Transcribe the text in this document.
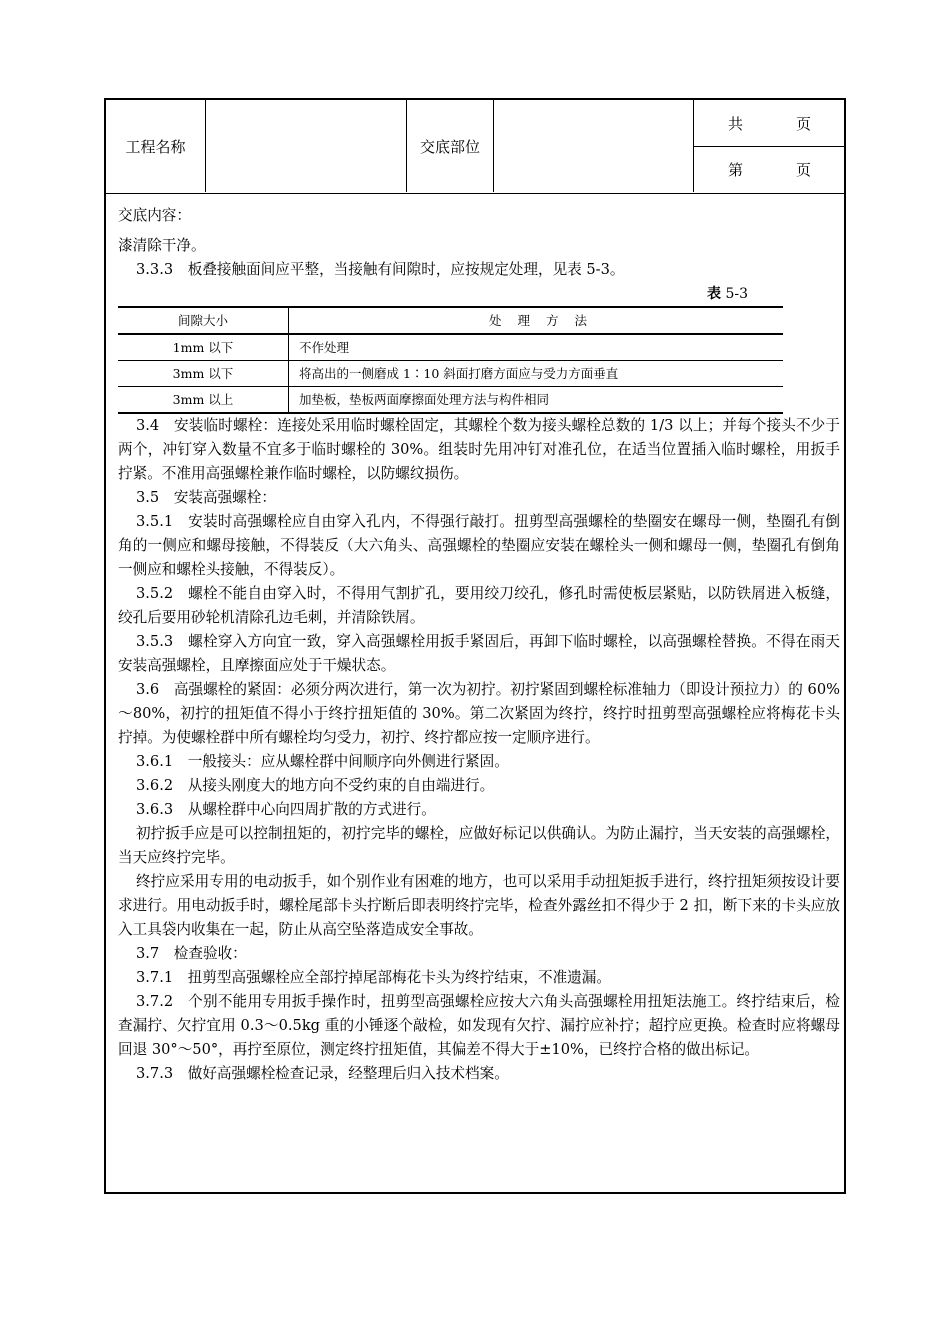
工程名称	交底部位
共	页
第	页

交底内容：

漆清除干净。

3.3.3　板叠接触面间应平整，当接触有间隙时，应按规定处理，见表 5-3。

表 5-3
间隙大小	处 理 方 法
1mm 以下	不作处理
3mm 以下	将高出的一侧磨成 1∶10 斜面打磨方面应与受力方面垂直
3mm 以上	加垫板，垫板两面摩擦面处理方法与构件相同

3.4　安装临时螺栓：连接处采用临时螺栓固定，其螺栓个数为接头螺栓总数的 1/3 以上；并每个接头不少于两个，冲钉穿入数量不宜多于临时螺栓的 30%。组装时先用冲钉对准孔位，在适当位置插入临时螺栓，用扳手拧紧。不准用高强螺栓兼作临时螺栓，以防螺纹损伤。

3.5　安装高强螺栓：

3.5.1　安装时高强螺栓应自由穿入孔内，不得强行敲打。扭剪型高强螺栓的垫圈安在螺母一侧，垫圈孔有倒角的一侧应和螺母接触，不得装反（大六角头、高强螺栓的垫圈应安装在螺栓头一侧和螺母一侧，垫圈孔有倒角一侧应和螺栓头接触，不得装反）。

3.5.2　螺栓不能自由穿入时，不得用气割扩孔，要用绞刀绞孔，修孔时需使板层紧贴，以防铁屑进入板缝，绞孔后要用砂轮机清除孔边毛刺，并清除铁屑。

3.5.3　螺栓穿入方向宜一致，穿入高强螺栓用扳手紧固后，再卸下临时螺栓，以高强螺栓替换。不得在雨天安装高强螺栓，且摩擦面应处于干燥状态。

3.6　高强螺栓的紧固：必须分两次进行，第一次为初拧。初拧紧固到螺栓标准轴力（即设计预拉力）的 60%～80%，初拧的扭矩值不得小于终拧扭矩值的 30%。第二次紧固为终拧，终拧时扭剪型高强螺栓应将梅花卡头拧掉。为使螺栓群中所有螺栓均匀受力，初拧、终拧都应按一定顺序进行。

3.6.1　一般接头：应从螺栓群中间顺序向外侧进行紧固。

3.6.2　从接头刚度大的地方向不受约束的自由端进行。

3.6.3　从螺栓群中心向四周扩散的方式进行。

初拧扳手应是可以控制扭矩的，初拧完毕的螺栓，应做好标记以供确认。为防止漏拧，当天安装的高强螺栓，当天应终拧完毕。

终拧应采用专用的电动扳手，如个别作业有困难的地方，也可以采用手动扭矩扳手进行，终拧扭矩须按设计要求进行。用电动扳手时，螺栓尾部卡头拧断后即表明终拧完毕，检查外露丝扣不得少于 2 扣，断下来的卡头应放入工具袋内收集在一起，防止从高空坠落造成安全事故。

3.7　检查验收：

3.7.1　扭剪型高强螺栓应全部拧掉尾部梅花卡头为终拧结束，不准遗漏。

3.7.2　个别不能用专用扳手操作时，扭剪型高强螺栓应按大六角头高强螺栓用扭矩法施工。终拧结束后，检查漏拧、欠拧宜用 0.3～0.5kg 重的小锤逐个敲检，如发现有欠拧、漏拧应补拧；超拧应更换。检查时应将螺母回退 30°～50°，再拧至原位，测定终拧扭矩值，其偏差不得大于±10%，已终拧合格的做出标记。

3.7.3　做好高强螺栓检查记录，经整理后归入技术档案。
